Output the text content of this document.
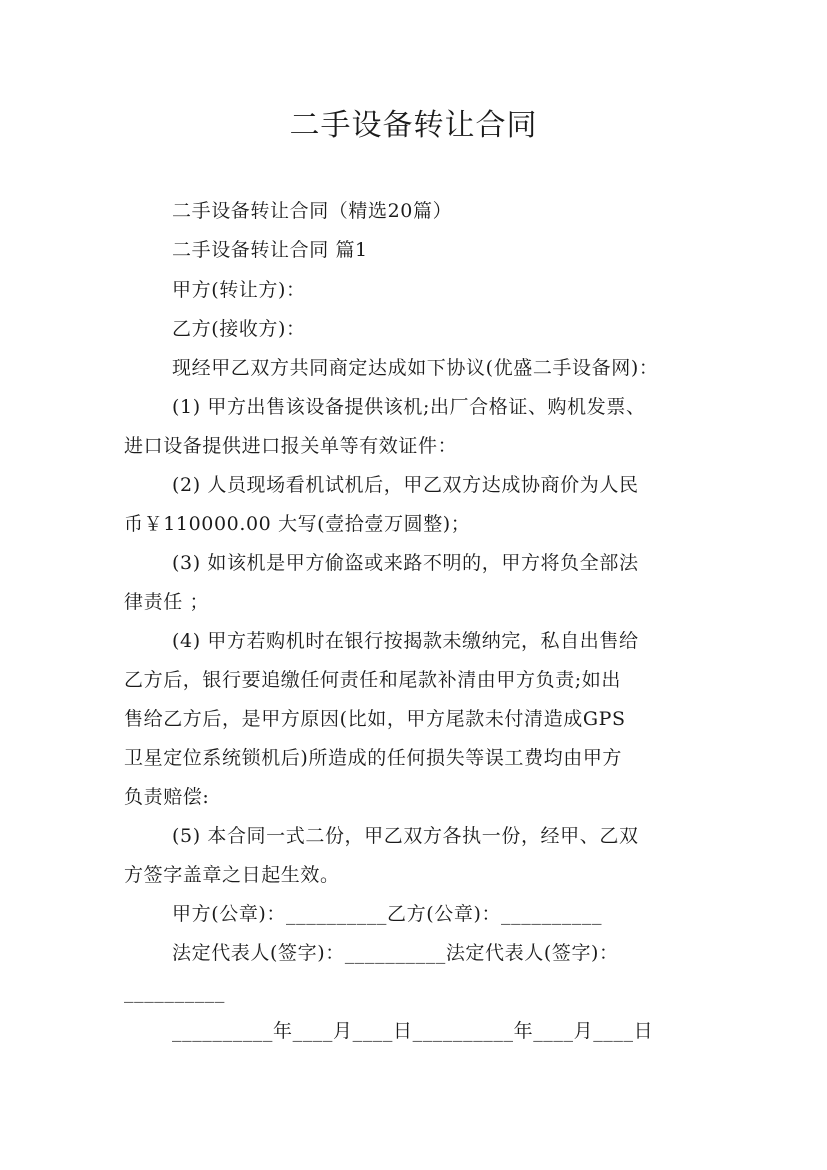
二手设备转让合同

二手设备转让合同（精选20篇）

二手设备转让合同 篇1

甲方(转让方)：

乙方(接收方)：

现经甲乙双方共同商定达成如下协议(优盛二手设备网)：

(1) 甲方出售该设备提供该机;出厂合格证、购机发票、

进口设备提供进口报关单等有效证件：

(2) 人员现场看机试机后，甲乙双方达成协商价为人民

币￥110000.00 大写(壹拾壹万圆整)；

(3) 如该机是甲方偷盗或来路不明的，甲方将负全部法

律责任 ；

(4) 甲方若购机时在银行按揭款未缴纳完，私自出售给

乙方后，银行要追缴任何责任和尾款补清由甲方负责;如出

售给乙方后，是甲方原因(比如，甲方尾款未付清造成GPS

卫星定位系统锁机后)所造成的任何损失等误工费均由甲方

负责赔偿:

(5) 本合同一式二份，甲乙双方各执一份，经甲、乙双

方签字盖章之日起生效。

甲方(公章)：__________乙方(公章)：__________

法定代表人(签字)：__________法定代表人(签字)：

__________

__________年____月____日__________年____月____日
